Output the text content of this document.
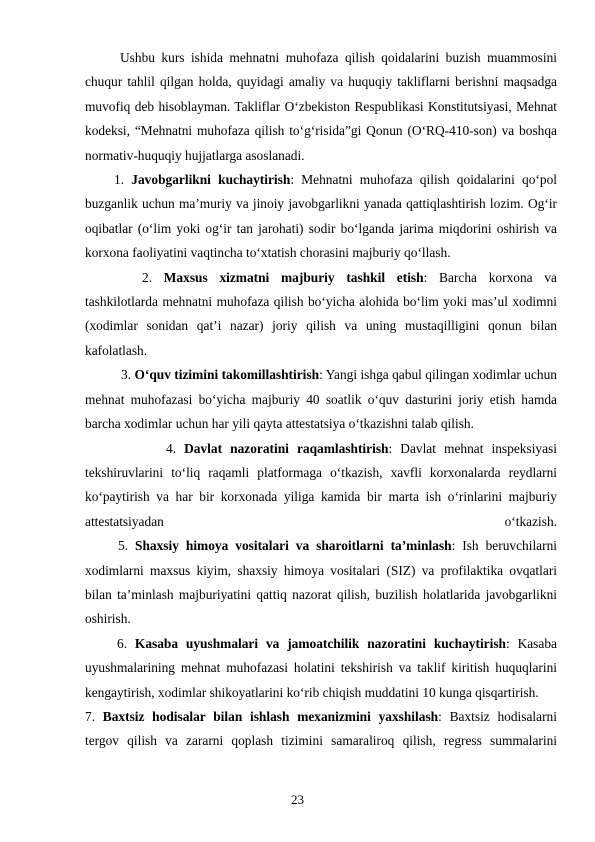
Ushbu kurs ishida mehnatni muhofaza qilish qoidalarini buzish muammosini chuqur tahlil qilgan holda, quyidagi amaliy va huquqiy takliflarni berishni maqsadga muvofiq deb hisoblayman. Takliflar O‘zbekiston Respublikasi Konstitutsiyasi, Mehnat kodeksi, “Mehnatni muhofaza qilish to‘g‘risida”gi Qonun (O‘RQ-410-son) va boshqa normativ-huquqiy hujjatlarga asoslanadi.

1. Javobgarlikni kuchaytirish: Mehnatni muhofaza qilish qoidalarini qo‘pol buzganlik uchun ma’muriy va jinoiy javobgarlikni yanada qattiqlashtirish lozim. Og‘ir oqibatlar (o‘lim yoki og‘ir tan jarohati) sodir bo‘lganda jarima miqdorini oshirish va korxona faoliyatini vaqtincha to‘xtatish chorasini majburiy qo‘llash.

2. Maxsus xizmatni majburiy tashkil etish: Barcha korxona va tashkilotlarda mehnatni muhofaza qilish bo‘yicha alohida bo‘lim yoki mas’ul xodimni (xodimlar sonidan qat’i nazar) joriy qilish va uning mustaqilligini qonun bilan kafolatlash.

3. O‘quv tizimini takomillashtirish: Yangi ishga qabul qilingan xodimlar uchun mehnat muhofazasi bo‘yicha majburiy 40 soatlik o‘quv dasturini joriy etish hamda barcha xodimlar uchun har yili qayta attestatsiya o‘tkazishni talab qilish.

4. Davlat nazoratini raqamlashtirish: Davlat mehnat inspeksiyasi tekshiruvlarini to‘liq raqamli platformaga o‘tkazish, xavfli korxonalarda reydlarni ko‘paytirish va har bir korxonada yiliga kamida bir marta ish o‘rinlarini majburiy attestatsiyadan o‘tkazish.

5. Shaxsiy himoya vositalari va sharoitlarni ta’minlash: Ish beruvchilarni xodimlarni maxsus kiyim, shaxsiy himoya vositalari (SIZ) va profilaktika ovqatlari bilan ta’minlash majburiyatini qattiq nazorat qilish, buzilish holatlarida javobgarlikni oshirish.

6. Kasaba uyushmalari va jamoatchilik nazoratini kuchaytirish: Kasaba uyushmalarining mehnat muhofazasi holatini tekshirish va taklif kiritish huquqlarini kengaytirish, xodimlar shikoyatlarini ko‘rib chiqish muddatini 10 kunga qisqartirish.

7. Baxtsiz hodisalar bilan ishlash mexanizmini yaxshilash: Baxtsiz hodisalarni tergov qilish va zararni qoplash tizimini samaraliroq qilish, regress summalarini

23
